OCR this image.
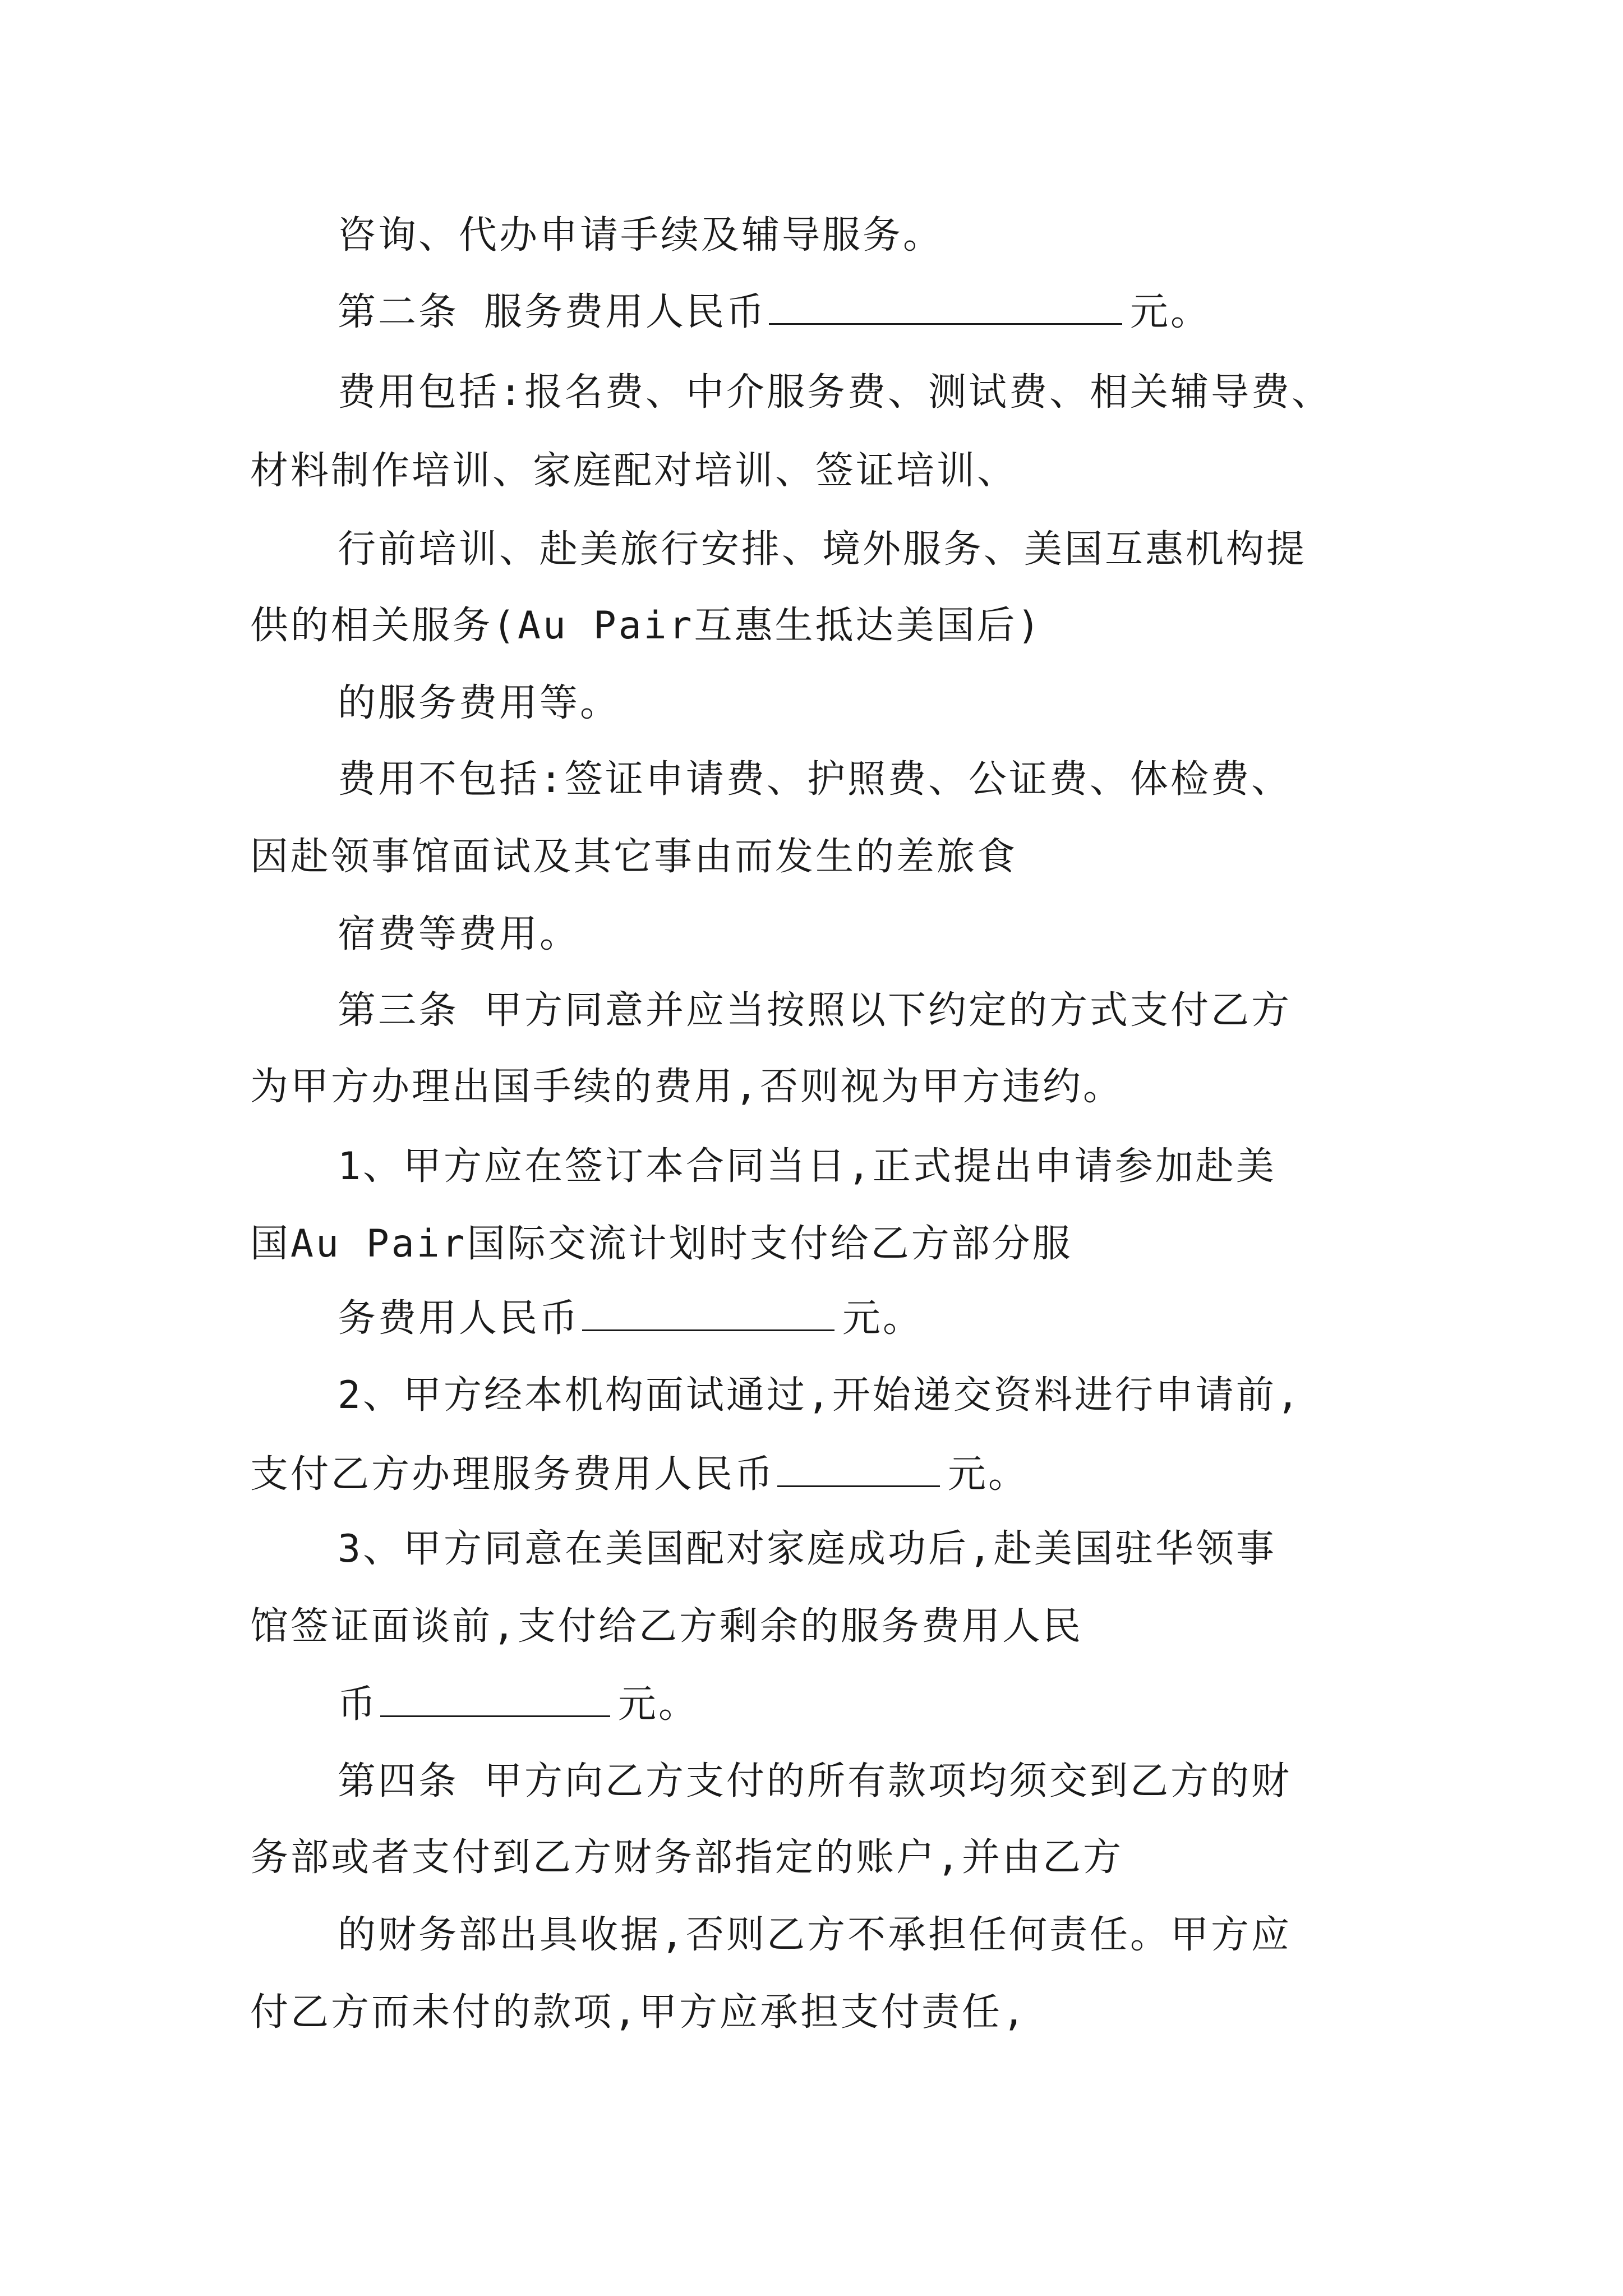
咨询、代办申请手续及辅导服务。
第二条 服务费用人民币	元。
费用包括:报名费、中介服务费、测试费、相关辅导费、
材料制作培训、家庭配对培训、签证培训、
行前培训、赴美旅行安排、境外服务、美国互惠机构提
供的相关服务(Au Pair互惠生抵达美国后)
的服务费用等。
费用不包括:签证申请费、护照费、公证费、体检费、
因赴领事馆面试及其它事由而发生的差旅食
宿费等费用。
第三条 甲方同意并应当按照以下约定的方式支付乙方
为甲方办理出国手续的费用,否则视为甲方违约。
1、甲方应在签订本合同当日,正式提出申请参加赴美
国Au Pair国际交流计划时支付给乙方部分服
务费用人民币	元。
2、甲方经本机构面试通过,开始递交资料进行申请前,
支付乙方办理服务费用人民币	元。
3、甲方同意在美国配对家庭成功后,赴美国驻华领事
馆签证面谈前,支付给乙方剩余的服务费用人民
币	元。
第四条 甲方向乙方支付的所有款项均须交到乙方的财
务部或者支付到乙方财务部指定的账户,并由乙方
的财务部出具收据,否则乙方不承担任何责任。甲方应
付乙方而未付的款项,甲方应承担支付责任,
